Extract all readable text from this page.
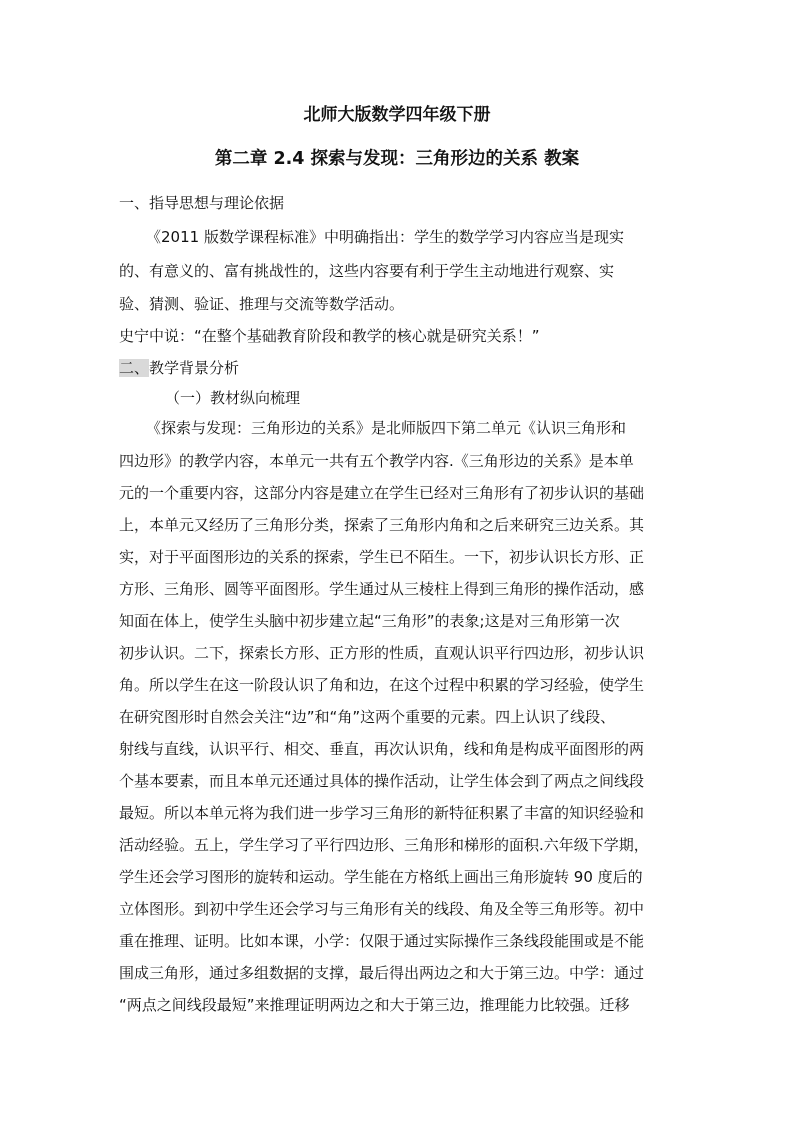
北师大版数学四年级下册
第二章 2.4 探索与发现：三角形边的关系 教案
一、指导思想与理论依据
《2011 版数学课程标准》中明确指出：学生的数学学习内容应当是现实
的、有意义的、富有挑战性的，这些内容要有利于学生主动地进行观察、实
验、猜测、验证、推理与交流等数学活动。
史宁中说：“在整个基础教育阶段和教学的核心就是研究关系！”
二、教学背景分析
（一）教材纵向梳理
《探索与发现：三角形边的关系》是北师版四下第二单元《认识三角形和
四边形》的教学内容，本单元一共有五个教学内容.《三角形边的关系》是本单
元的一个重要内容，这部分内容是建立在学生已经对三角形有了初步认识的基础
上，本单元又经历了三角形分类，探索了三角形内角和之后来研究三边关系。其
实，对于平面图形边的关系的探索，学生已不陌生。一下，初步认识长方形、正
方形、三角形、圆等平面图形。学生通过从三棱柱上得到三角形的操作活动，感
知面在体上，使学生头脑中初步建立起“三角形”的表象;这是对三角形第一次
初步认识。二下，探索长方形、正方形的性质，直观认识平行四边形，初步认识
角。所以学生在这一阶段认识了角和边，在这个过程中积累的学习经验，使学生
在研究图形时自然会关注“边”和“角”这两个重要的元素。四上认识了线段、
射线与直线，认识平行、相交、垂直，再次认识角，线和角是构成平面图形的两
个基本要素，而且本单元还通过具体的操作活动，让学生体会到了两点之间线段
最短。所以本单元将为我们进一步学习三角形的新特征积累了丰富的知识经验和
活动经验。五上，学生学习了平行四边形、三角形和梯形的面积.六年级下学期，
学生还会学习图形的旋转和运动。学生能在方格纸上画出三角形旋转 90 度后的
立体图形。到初中学生还会学习与三角形有关的线段、角及全等三角形等。初中
重在推理、证明。比如本课，小学：仅限于通过实际操作三条线段能围或是不能
围成三角形，通过多组数据的支撑，最后得出两边之和大于第三边。中学：通过
“两点之间线段最短”来推理证明两边之和大于第三边，推理能力比较强。迁移
